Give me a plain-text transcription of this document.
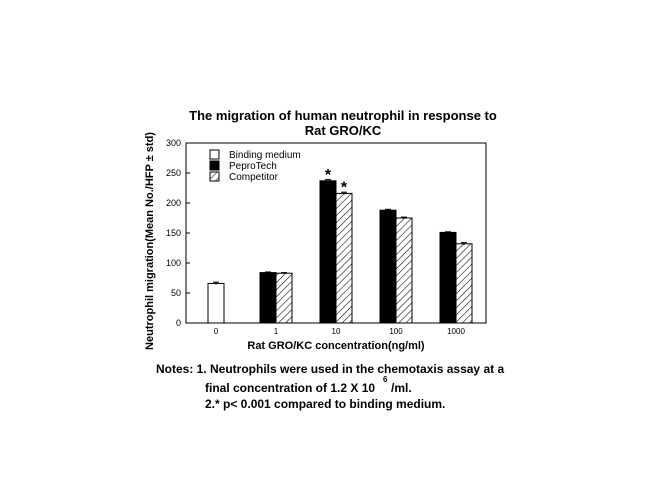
0
50
100
150
200
250
300
0	1	10	100	1000
Rat GRO/KC concentration(ng/ml)
Neutrophil migration(Mean No./HFP ± std)	*
*
Binding medium
PeproTech
Competitor
The migration of human neutrophil in response to
Rat GRO/KC
Notes: 1. Neutrophils were used in the chemotaxis assay at a
final concentration of 1.2 X 10
6
/ml.
2.* p< 0.001 compared to binding medium.
